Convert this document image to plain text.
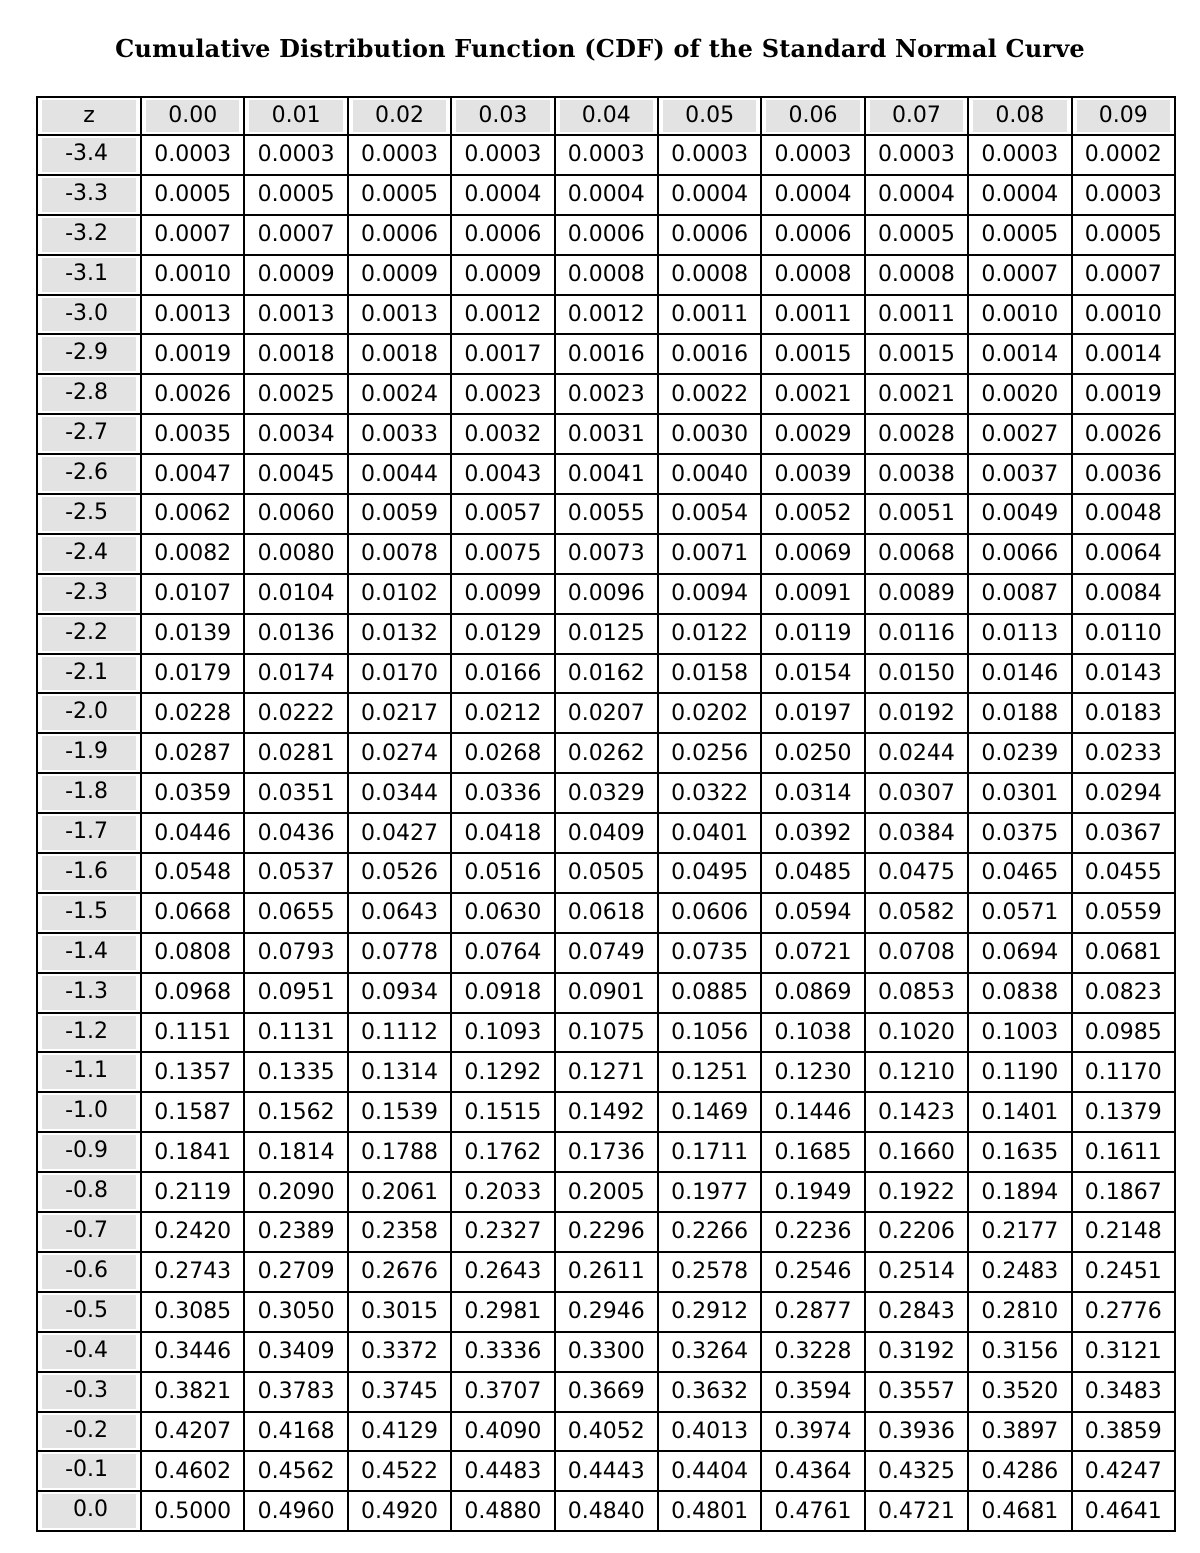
Cumulative Distribution Function (CDF) of the Standard Normal Curve
z	0.00	0.01	0.02	0.03	0.04	0.05	0.06	0.07	0.08	0.09

-3.4	0.0003	0.0003	0.0003	0.0003	0.0003	0.0003	0.0003	0.0003	0.0003	0.0002

-3.3	0.0005	0.0005	0.0005	0.0004	0.0004	0.0004	0.0004	0.0004	0.0004	0.0003

-3.2	0.0007	0.0007	0.0006	0.0006	0.0006	0.0006	0.0006	0.0005	0.0005	0.0005

-3.1	0.0010	0.0009	0.0009	0.0009	0.0008	0.0008	0.0008	0.0008	0.0007	0.0007

-3.0	0.0013	0.0013	0.0013	0.0012	0.0012	0.0011	0.0011	0.0011	0.0010	0.0010

-2.9	0.0019	0.0018	0.0018	0.0017	0.0016	0.0016	0.0015	0.0015	0.0014	0.0014

-2.8	0.0026	0.0025	0.0024	0.0023	0.0023	0.0022	0.0021	0.0021	0.0020	0.0019

-2.7	0.0035	0.0034	0.0033	0.0032	0.0031	0.0030	0.0029	0.0028	0.0027	0.0026

-2.6	0.0047	0.0045	0.0044	0.0043	0.0041	0.0040	0.0039	0.0038	0.0037	0.0036

-2.5	0.0062	0.0060	0.0059	0.0057	0.0055	0.0054	0.0052	0.0051	0.0049	0.0048

-2.4	0.0082	0.0080	0.0078	0.0075	0.0073	0.0071	0.0069	0.0068	0.0066	0.0064

-2.3	0.0107	0.0104	0.0102	0.0099	0.0096	0.0094	0.0091	0.0089	0.0087	0.0084

-2.2	0.0139	0.0136	0.0132	0.0129	0.0125	0.0122	0.0119	0.0116	0.0113	0.0110

-2.1	0.0179	0.0174	0.0170	0.0166	0.0162	0.0158	0.0154	0.0150	0.0146	0.0143

-2.0	0.0228	0.0222	0.0217	0.0212	0.0207	0.0202	0.0197	0.0192	0.0188	0.0183

-1.9	0.0287	0.0281	0.0274	0.0268	0.0262	0.0256	0.0250	0.0244	0.0239	0.0233

-1.8	0.0359	0.0351	0.0344	0.0336	0.0329	0.0322	0.0314	0.0307	0.0301	0.0294

-1.7	0.0446	0.0436	0.0427	0.0418	0.0409	0.0401	0.0392	0.0384	0.0375	0.0367

-1.6	0.0548	0.0537	0.0526	0.0516	0.0505	0.0495	0.0485	0.0475	0.0465	0.0455

-1.5	0.0668	0.0655	0.0643	0.0630	0.0618	0.0606	0.0594	0.0582	0.0571	0.0559

-1.4	0.0808	0.0793	0.0778	0.0764	0.0749	0.0735	0.0721	0.0708	0.0694	0.0681

-1.3	0.0968	0.0951	0.0934	0.0918	0.0901	0.0885	0.0869	0.0853	0.0838	0.0823

-1.2	0.1151	0.1131	0.1112	0.1093	0.1075	0.1056	0.1038	0.1020	0.1003	0.0985

-1.1	0.1357	0.1335	0.1314	0.1292	0.1271	0.1251	0.1230	0.1210	0.1190	0.1170

-1.0	0.1587	0.1562	0.1539	0.1515	0.1492	0.1469	0.1446	0.1423	0.1401	0.1379

-0.9	0.1841	0.1814	0.1788	0.1762	0.1736	0.1711	0.1685	0.1660	0.1635	0.1611

-0.8	0.2119	0.2090	0.2061	0.2033	0.2005	0.1977	0.1949	0.1922	0.1894	0.1867

-0.7	0.2420	0.2389	0.2358	0.2327	0.2296	0.2266	0.2236	0.2206	0.2177	0.2148

-0.6	0.2743	0.2709	0.2676	0.2643	0.2611	0.2578	0.2546	0.2514	0.2483	0.2451

-0.5	0.3085	0.3050	0.3015	0.2981	0.2946	0.2912	0.2877	0.2843	0.2810	0.2776

-0.4	0.3446	0.3409	0.3372	0.3336	0.3300	0.3264	0.3228	0.3192	0.3156	0.3121

-0.3	0.3821	0.3783	0.3745	0.3707	0.3669	0.3632	0.3594	0.3557	0.3520	0.3483

-0.2	0.4207	0.4168	0.4129	0.4090	0.4052	0.4013	0.3974	0.3936	0.3897	0.3859

-0.1	0.4602	0.4562	0.4522	0.4483	0.4443	0.4404	0.4364	0.4325	0.4286	0.4247

0.0	0.5000	0.4960	0.4920	0.4880	0.4840	0.4801	0.4761	0.4721	0.4681	0.4641
